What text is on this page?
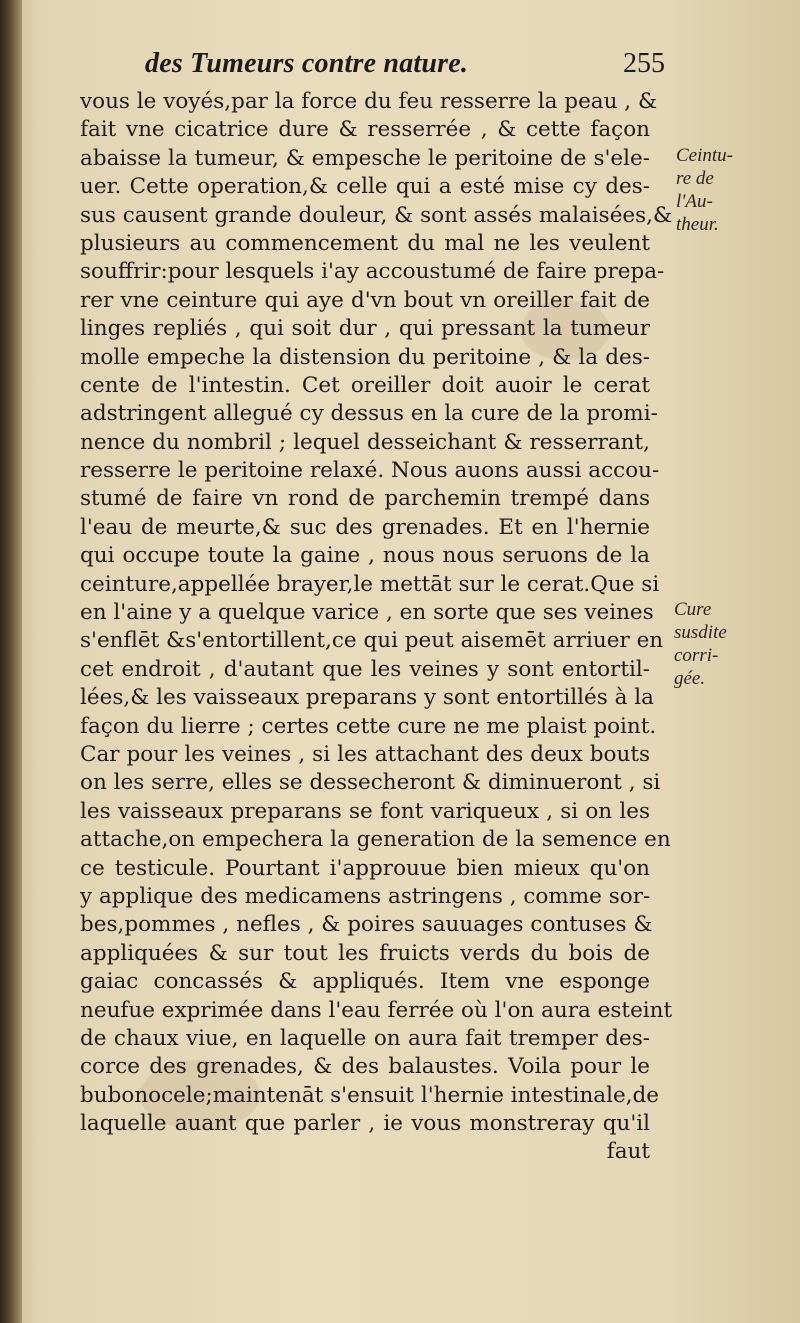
des Tumeurs contre nature.	255
vous le voyés,par la force du feu resserre la peau , &
fait vne cicatrice dure & resserrée , & cette façon
abaisse la tumeur, & empesche le peritoine de s'ele-
uer. Cette operation,& celle qui a esté mise cy des-
sus causent grande douleur, & sont assés malaisées,&
plusieurs au commencement du mal ne les veulent
souffrir:pour lesquels i'ay accoustumé de faire prepa-
rer vne ceinture qui aye d'vn bout vn oreiller fait de
linges repliés , qui soit dur , qui pressant la tumeur
molle empeche la distension du peritoine , & la des-
cente de l'intestin. Cet oreiller doit auoir le cerat
adstringent allegué cy dessus en la cure de la promi-
nence du nombril ; lequel desseichant & resserrant,
resserre le peritoine relaxé. Nous auons aussi accou-
stumé de faire vn rond de parchemin trempé dans
l'eau de meurte,& suc des grenades. Et en l'hernie
qui occupe toute la gaine , nous nous seruons de la
ceinture,appellée brayer,le mettāt sur le cerat.Que si
en l'aine y a quelque varice , en sorte que ses veines
s'enflēt &s'entortillent,ce qui peut aisemēt arriuer en
cet endroit , d'autant que les veines y sont entortil-
lées,& les vaisseaux preparans y sont entortillés à la
façon du lierre ; certes cette cure ne me plaist point.
Car pour les veines , si les attachant des deux bouts
on les serre, elles se dessecheront & diminueront , si
les vaisseaux preparans se font variqueux , si on les
attache,on empechera la generation de la semence en
ce testicule. Pourtant i'approuue bien mieux qu'on
y applique des medicamens astringens , comme sor-
bes,pommes , nefles , & poires sauuages contuses &
appliquées & sur tout les fruicts verds du bois de
gaiac concassés & appliqués. Item vne esponge
neufue exprimée dans l'eau ferrée où l'on aura esteint
de chaux viue, en laquelle on aura fait tremper des-
corce des grenades, & des balaustes. Voila pour le
bubonocele;maintenāt s'ensuit l'hernie intestinale,de
laquelle auant que parler , ie vous monstreray qu'il
faut
Ceintu-
re de
l'Au-
theur.
Cure
susdite
corri-
gée.
